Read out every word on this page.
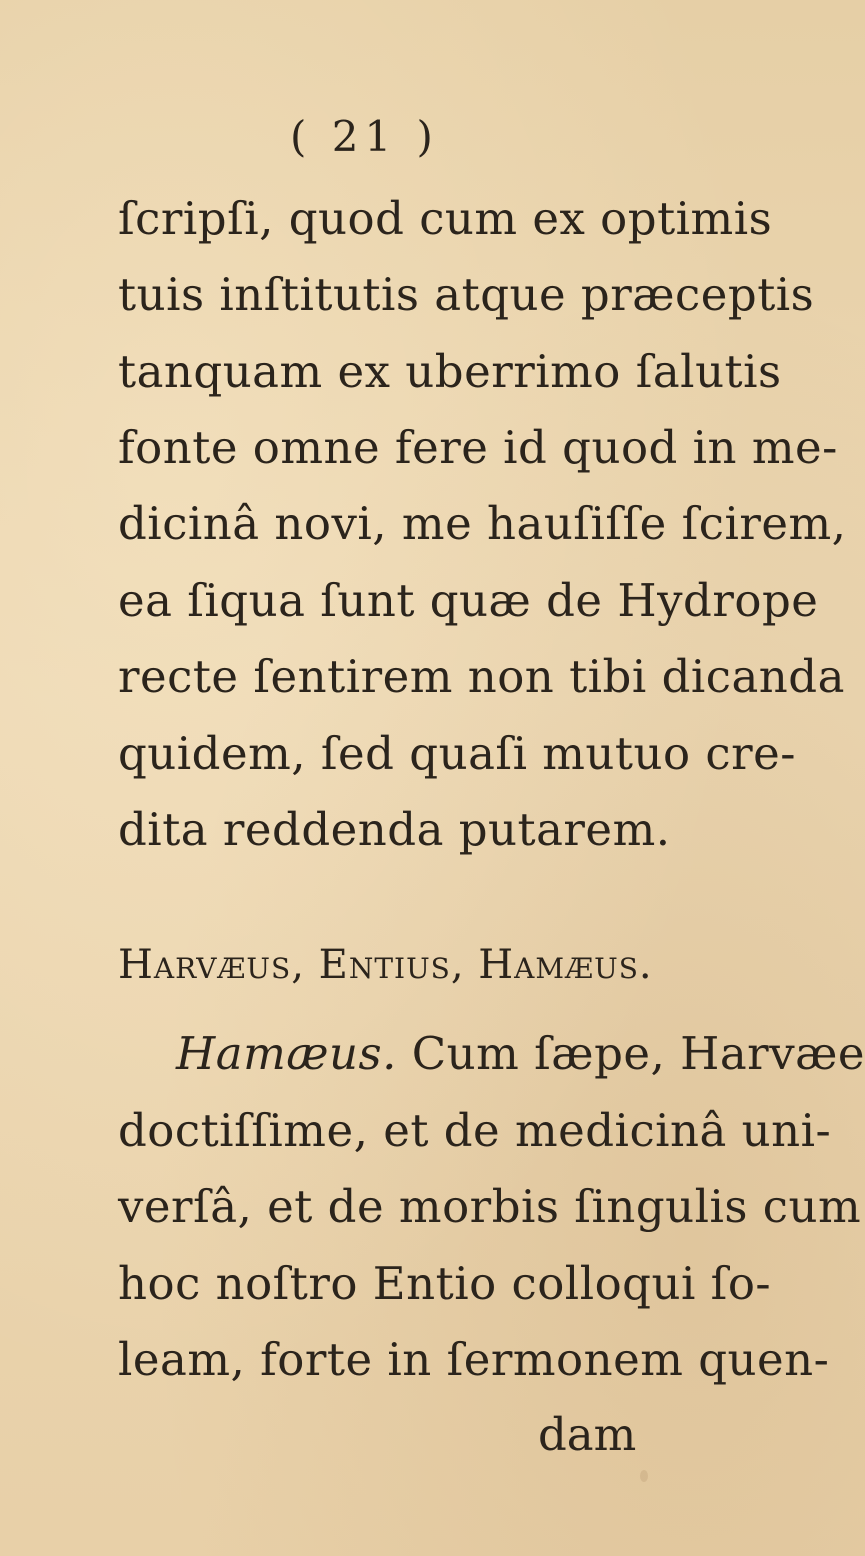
( 21 )
ſcripſi, quod cum ex optimis
tuis inſtitutis atque præceptis
tanquam ex uberrimo ſalutis
fonte omne fere id quod in me-
dicinâ novi, me hauſiſſe ſcirem,
ea ſiqua ſunt quæ de Hydrope
recte ſentirem non tibi dicanda
quidem, ſed quaſi mutuo cre-
dita reddenda putarem.
Harvæus, Entius, Hamæus.
Hamæus. Cum ſæpe, Harvæe
doctiſſime, et de medicinâ uni-
verſâ, et de morbis ſingulis cum
hoc noſtro Entio colloqui ſo-
leam, forte in ſermonem quen-
dam
